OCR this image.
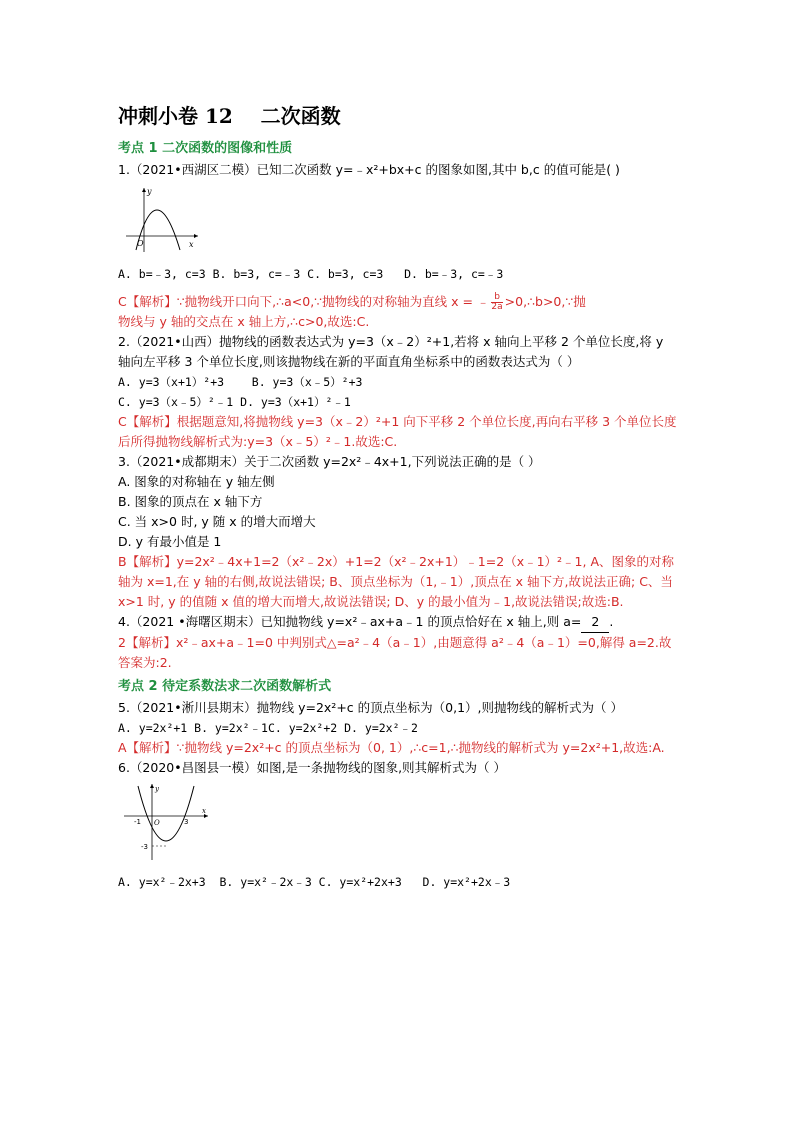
冲刺小卷 12    二次函数
考点 1 二次函数的图像和性质

1.（2021•西湖区二模）已知二次函数 y=﹣x²+bx+c 的图象如图,其中 b,c 的值可能是( )

x
y
O

A. b=﹣3, c=3 B. b=3, c=﹣3 C. b=3, c=3   D. b=﹣3, c=﹣3

C【解析】∵抛物线开口向下,∴a<0,∵抛物线的对称轴为直线 x = ﹣ $\frac{b}{2a}$ >0,∴b>0,∵抛

物线与 y 轴的交点在 x 轴上方,∴c>0,故选:C.

2.（2021•山西）抛物线的函数表达式为 y=3（x﹣2）²+1,若将 x 轴向上平移 2 个单位长度,将 y 轴向左平移 3 个单位长度,则该抛物线在新的平面直角坐标系中的函数表达式为（ ）

A. y=3（x+1）²+3    B. y=3（x﹣5）²+3

C. y=3（x﹣5）²﹣1 D. y=3（x+1）²﹣1

C【解析】根据题意知,将抛物线 y=3（x﹣2）²+1 向下平移 2 个单位长度,再向右平移 3 个单位长度后所得抛物线解析式为:y=3（x﹣5）²﹣1.故选:C.

3.（2021•成都期末）关于二次函数 y=2x²﹣4x+1,下列说法正确的是（ ）

A. 图象的对称轴在 y 轴左侧

B. 图象的顶点在 x 轴下方

C. 当 x>0 时, y 随 x 的增大而增大

D. y 有最小值是 1

B【解析】y=2x²﹣4x+1=2（x²﹣2x）+1=2（x²﹣2x+1）﹣1=2（x﹣1）²﹣1, A、图象的对称轴为 x=1,在 y 轴的右侧,故说法错误; B、顶点坐标为（1,﹣1）,顶点在 x 轴下方,故说法正确; C、当 x>1 时, y 的值随 x 值的增大而增大,故说法错误; D、y 的最小值为﹣1,故说法错误;故选:B.

4.（2021 •海曙区期末）已知抛物线 y=x²﹣ax+a﹣1 的顶点恰好在 x 轴上,则 a= 2 .

2【解析】x²﹣ax+a﹣1=0 中判别式△=a²﹣4（a﹣1）,由题意得 a²﹣4（a﹣1）=0,解得 a=2.故答案为:2.

考点 2 待定系数法求二次函数解析式

5.（2021•淅川县期末）抛物线 y=2x²+c 的顶点坐标为（0,1）,则抛物线的解析式为（ ）

A. y=2x²+1 B. y=2x²﹣1C. y=2x²+2 D. y=2x²﹣2

A【解析】∵抛物线 y=2x²+c 的顶点坐标为（0, 1）,∴c=1,∴抛物线的解析式为 y=2x²+1,故选:A.

6.（2020•昌图县一模）如图,是一条抛物线的图象,则其解析式为（ ）

x
y
O
-1	3
-3

A. y=x²﹣2x+3  B. y=x²﹣2x﹣3 C. y=x²+2x+3   D. y=x²+2x﹣3
